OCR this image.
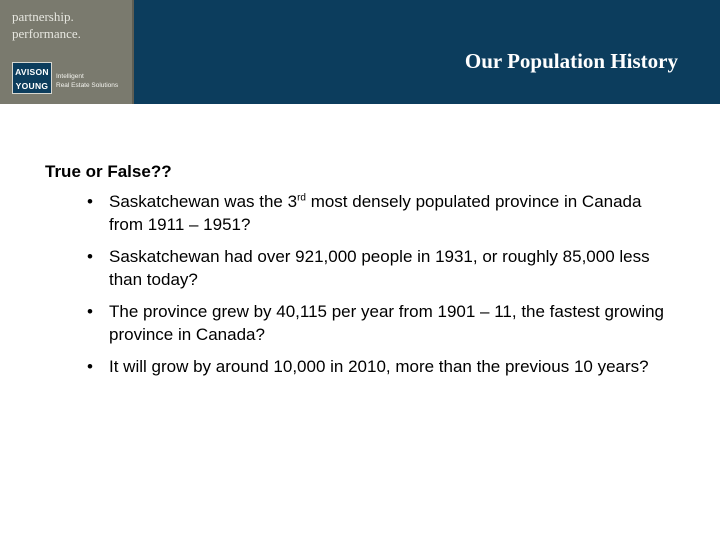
partnership.
performance.
AVISON
YOUNG
Intelligent
Real Estate Solutions
Our Population History
True or False??
• Saskatchewan was the 3rd most densely populated province in Canada from 1911 – 1951?
• Saskatchewan had over 921,000 people in 1931, or roughly 85,000 less than today?
• The province grew by 40,115 per year from 1901 – 11, the fastest growing province in Canada?
• It will grow by around 10,000 in 2010, more than the previous 10 years?
